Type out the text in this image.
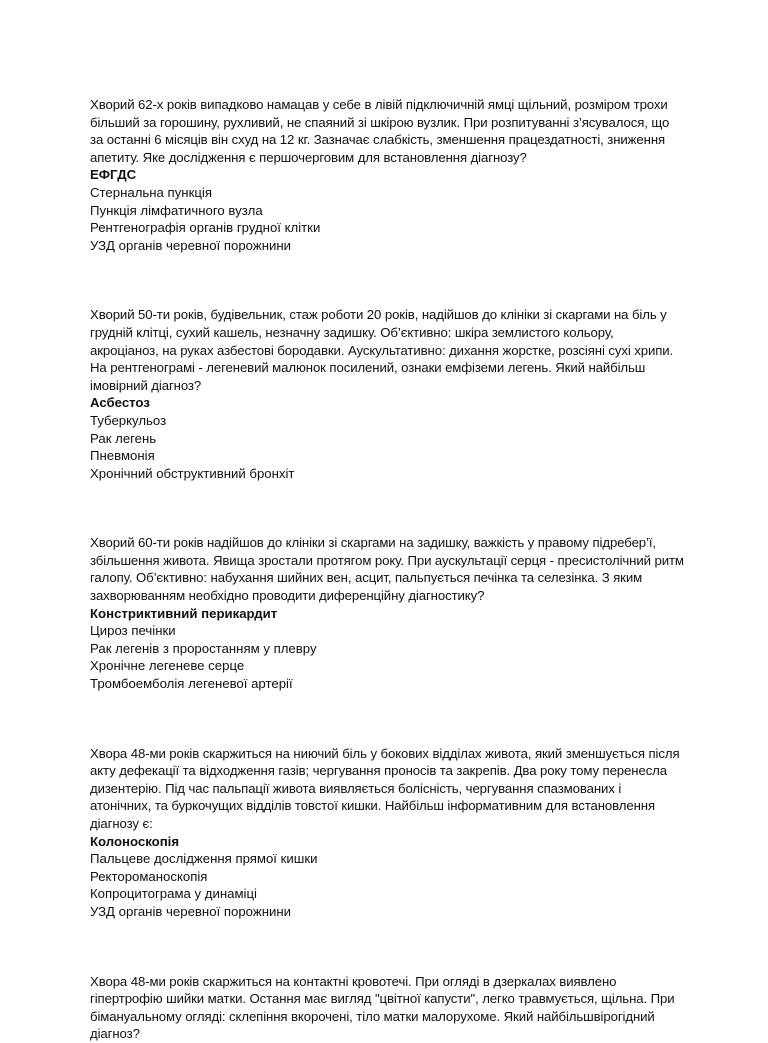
Хворий 62-х років випадково намацав у себе в лівій підключичній ямці щільний, розміром трохи більший за горошину, рухливий, не спаяний зі шкірою вузлик. При розпитуванні з’ясувалося, що за останні 6 місяців він схуд на 12 кг. Зазначає слабкість, зменшення працездатності, зниження апетиту. Яке дослідження є першочерговим для встановлення діагнозу?

ЕФГДС
Стернальна пункція
Пункція лімфатичного вузла
Рентгенографія органів грудної клітки
УЗД органів черевної порожнини

Хворий 50-ти років, будівельник, стаж роботи 20 років, надійшов до клініки зі скаргами на біль у грудній клітці, сухий кашель, незначну задишку. Об’єктивно: шкіра землистого кольору, акроціаноз, на руках азбестові бородавки. Аускультативно: дихання жорстке, розсіяні сухі хрипи. На рентгенограмі - легеневий малюнок посилений, ознаки емфіземи легень. Який найбільш імовірний діагноз?

Асбестоз
Туберкульоз
Рак легень
Пневмонія
Хронічний обструктивний бронхіт

Хворий 60-ти років надійшов до клініки зі скаргами на задишку, важкість у правому підребер’ї, збільшення живота. Явища зростали протягом року. При аускультації серця - пресистолічний ритм галопу. Об’єктивно: набухання шийних вен, асцит, пальпується печінка та селезінка. З яким захворюванням необхідно проводити диференційну діагностику?

Констриктивний перикардит
Цироз печінки
Рак легенів з проростанням у плевру
Хронічне легеневе серце
Тромбоемболія легеневої артерії

Хвора 48-ми років скаржиться на ниючий біль у бокових відділах живота, який зменшується після акту дефекації та відходження газів; чергування проносів та закрепів. Два року тому перенесла дизентерію. Під час пальпації живота виявляється болісність, чергування спазмованих і атонічних, та буркочущих відділів товстої кишки. Найбільш інформативним для встановлення діагнозу є:

Колоноскопія
Пальцеве дослідження прямої кишки
Ректороманоскопія
Копроцитограма у динаміці
УЗД органів черевної порожнини

Хвора 48-ми років скаржиться на контактні кровотечі. При огляді в дзеркалах виявлено гіпертрофію шийки матки. Остання має вигляд "цвітної капусти", легко травмується, щільна. При бімануальному огляді: склепіння вкорочені, тіло матки малорухоме. Який найбільшвірогідний діагноз?
